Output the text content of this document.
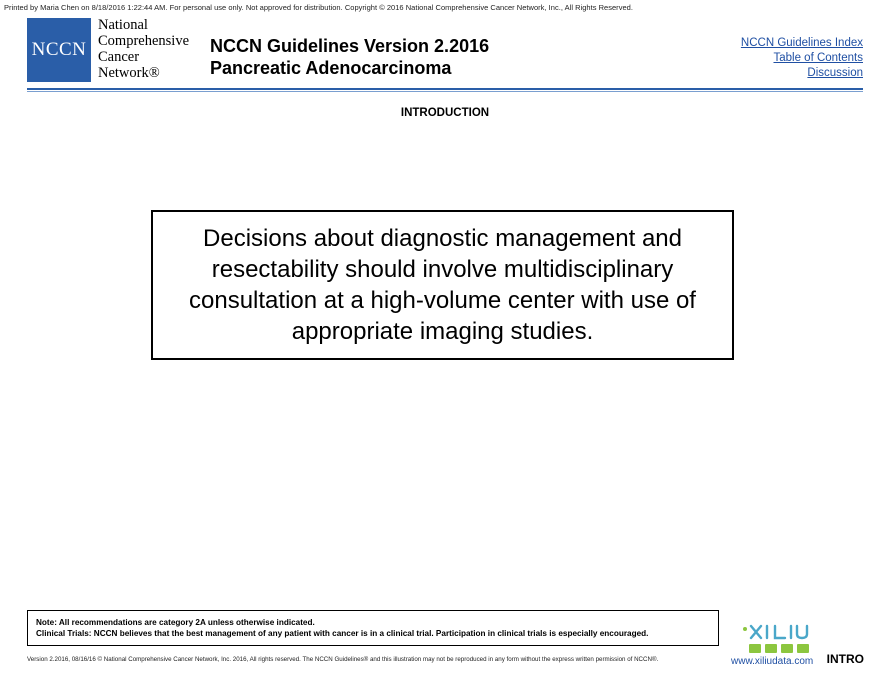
Printed by Maria Chen on 8/18/2016 1:22:44 AM. For personal use only. Not approved for distribution. Copyright © 2016 National Comprehensive Cancer Network, Inc., All Rights Reserved.
NCCN
National
Comprehensive
Cancer
Network®
NCCN Guidelines Version 2.2016
Pancreatic Adenocarcinoma
NCCN Guidelines Index
Table of Contents
Discussion
INTRODUCTION

Decisions about diagnostic management and resectability should involve multidisciplinary consultation at a high-volume center with use of appropriate imaging studies.

Note: All recommendations are category 2A unless otherwise indicated.
Clinical Trials: NCCN believes that the best management of any patient with cancer is in a clinical trial. Participation in clinical trials is especially encouraged.
Version 2.2016, 08/16/16 © National Comprehensive Cancer Network, Inc. 2016, All rights reserved. The NCCN Guidelines® and this illustration may not be reproduced in any form without the express written permission of NCCN®.	www.xiliudata.com INTRO
